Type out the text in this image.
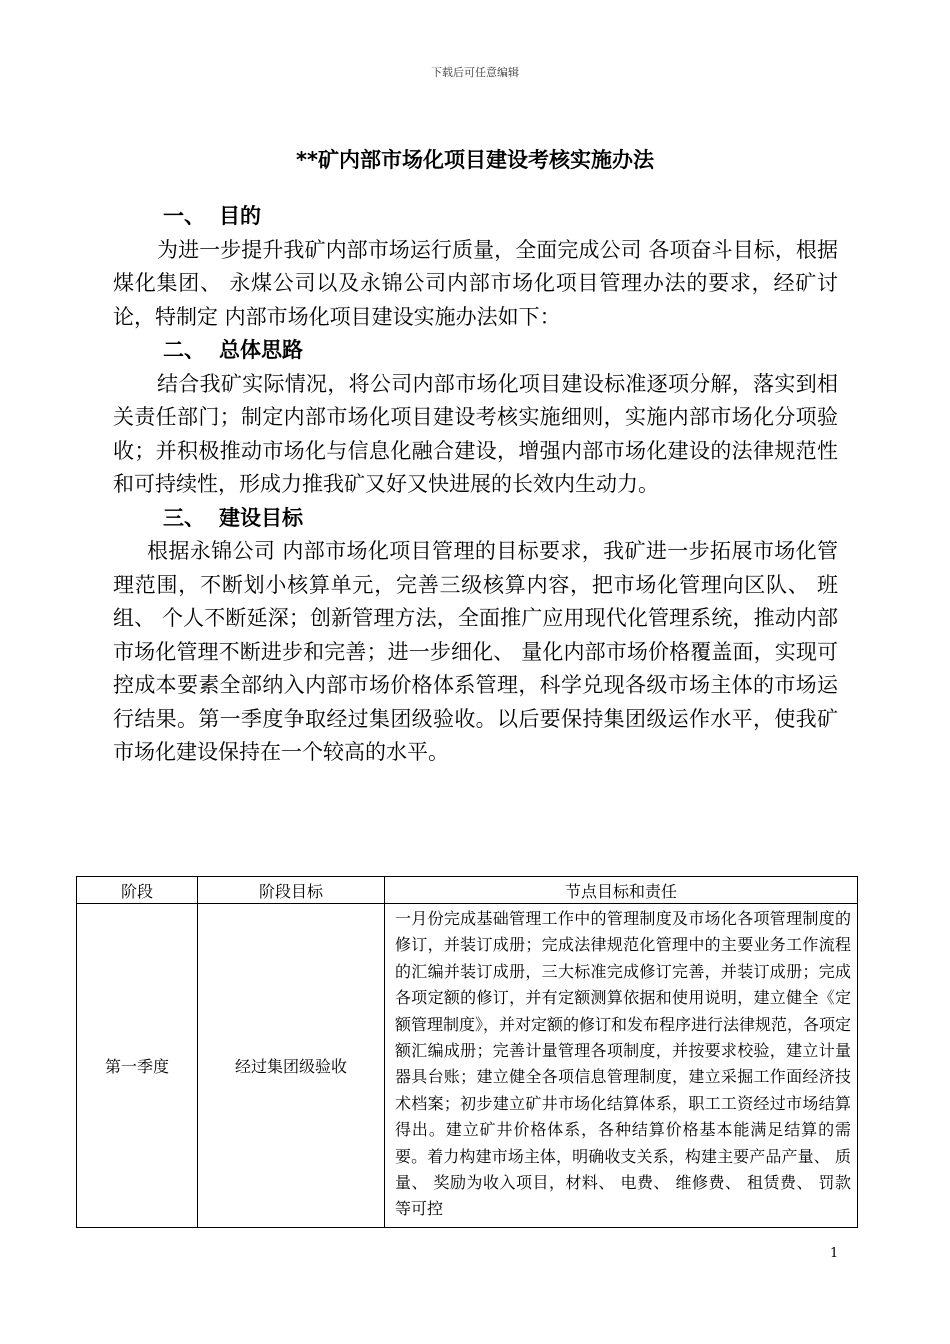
下载后可任意编辑
**矿内部市场化项目建设考核实施办法
一、 目的

为进一步提升我矿内部市场运行质量，全面完成公司 各项奋斗目标，根据煤化集团、 永煤公司以及永锦公司内部市场化项目管理办法的要求，经矿讨论，特制定 内部市场化项目建设实施办法如下：

二、 总体思路

结合我矿实际情况，将公司内部市场化项目建设标准逐项分解，落实到相关责任部门；制定内部市场化项目建设考核实施细则，实施内部市场化分项验收；并积极推动市场化与信息化融合建设，增强内部市场化建设的法律规范性和可持续性，形成力推我矿又好又快进展的长效内生动力。

三、 建设目标

根据永锦公司 内部市场化项目管理的目标要求，我矿进一步拓展市场化管理范围，不断划小核算单元，完善三级核算内容，把市场化管理向区队、 班组、 个人不断延深；创新管理方法，全面推广应用现代化管理系统，推动内部市场化管理不断进步和完善；进一步细化、 量化内部市场价格覆盖面，实现可控成本要素全部纳入内部市场价格体系管理，科学兑现各级市场主体的市场运行结果。第一季度争取经过集团级验收。以后要保持集团级运作水平，使我矿市场化建设保持在一个较高的水平。

阶段	阶段目标	节点目标和责任
第一季度	经过集团级验收	一月份完成基础管理工作中的管理制度及市场化各项管理制度的修订，并装订成册；完成法律规范化管理中的主要业务工作流程的汇编并装订成册，三大标准完成修订完善，并装订成册；完成各项定额的修订，并有定额测算依据和使用说明，建立健全《定额管理制度》，并对定额的修订和发布程序进行法律规范，各项定额汇编成册；完善计量管理各项制度，并按要求校验，建立计量器具台账；建立健全各项信息管理制度，建立采掘工作面经济技术档案；初步建立矿井市场化结算体系，职工工资经过市场结算得出。建立矿井价格体系，各种结算价格基本能满足结算的需要。着力构建市场主体，明确收支关系，构建主要产品产量、 质量、 奖励为收入项目，材料、 电费、 维修费、 租赁费、 罚款等可控
1
